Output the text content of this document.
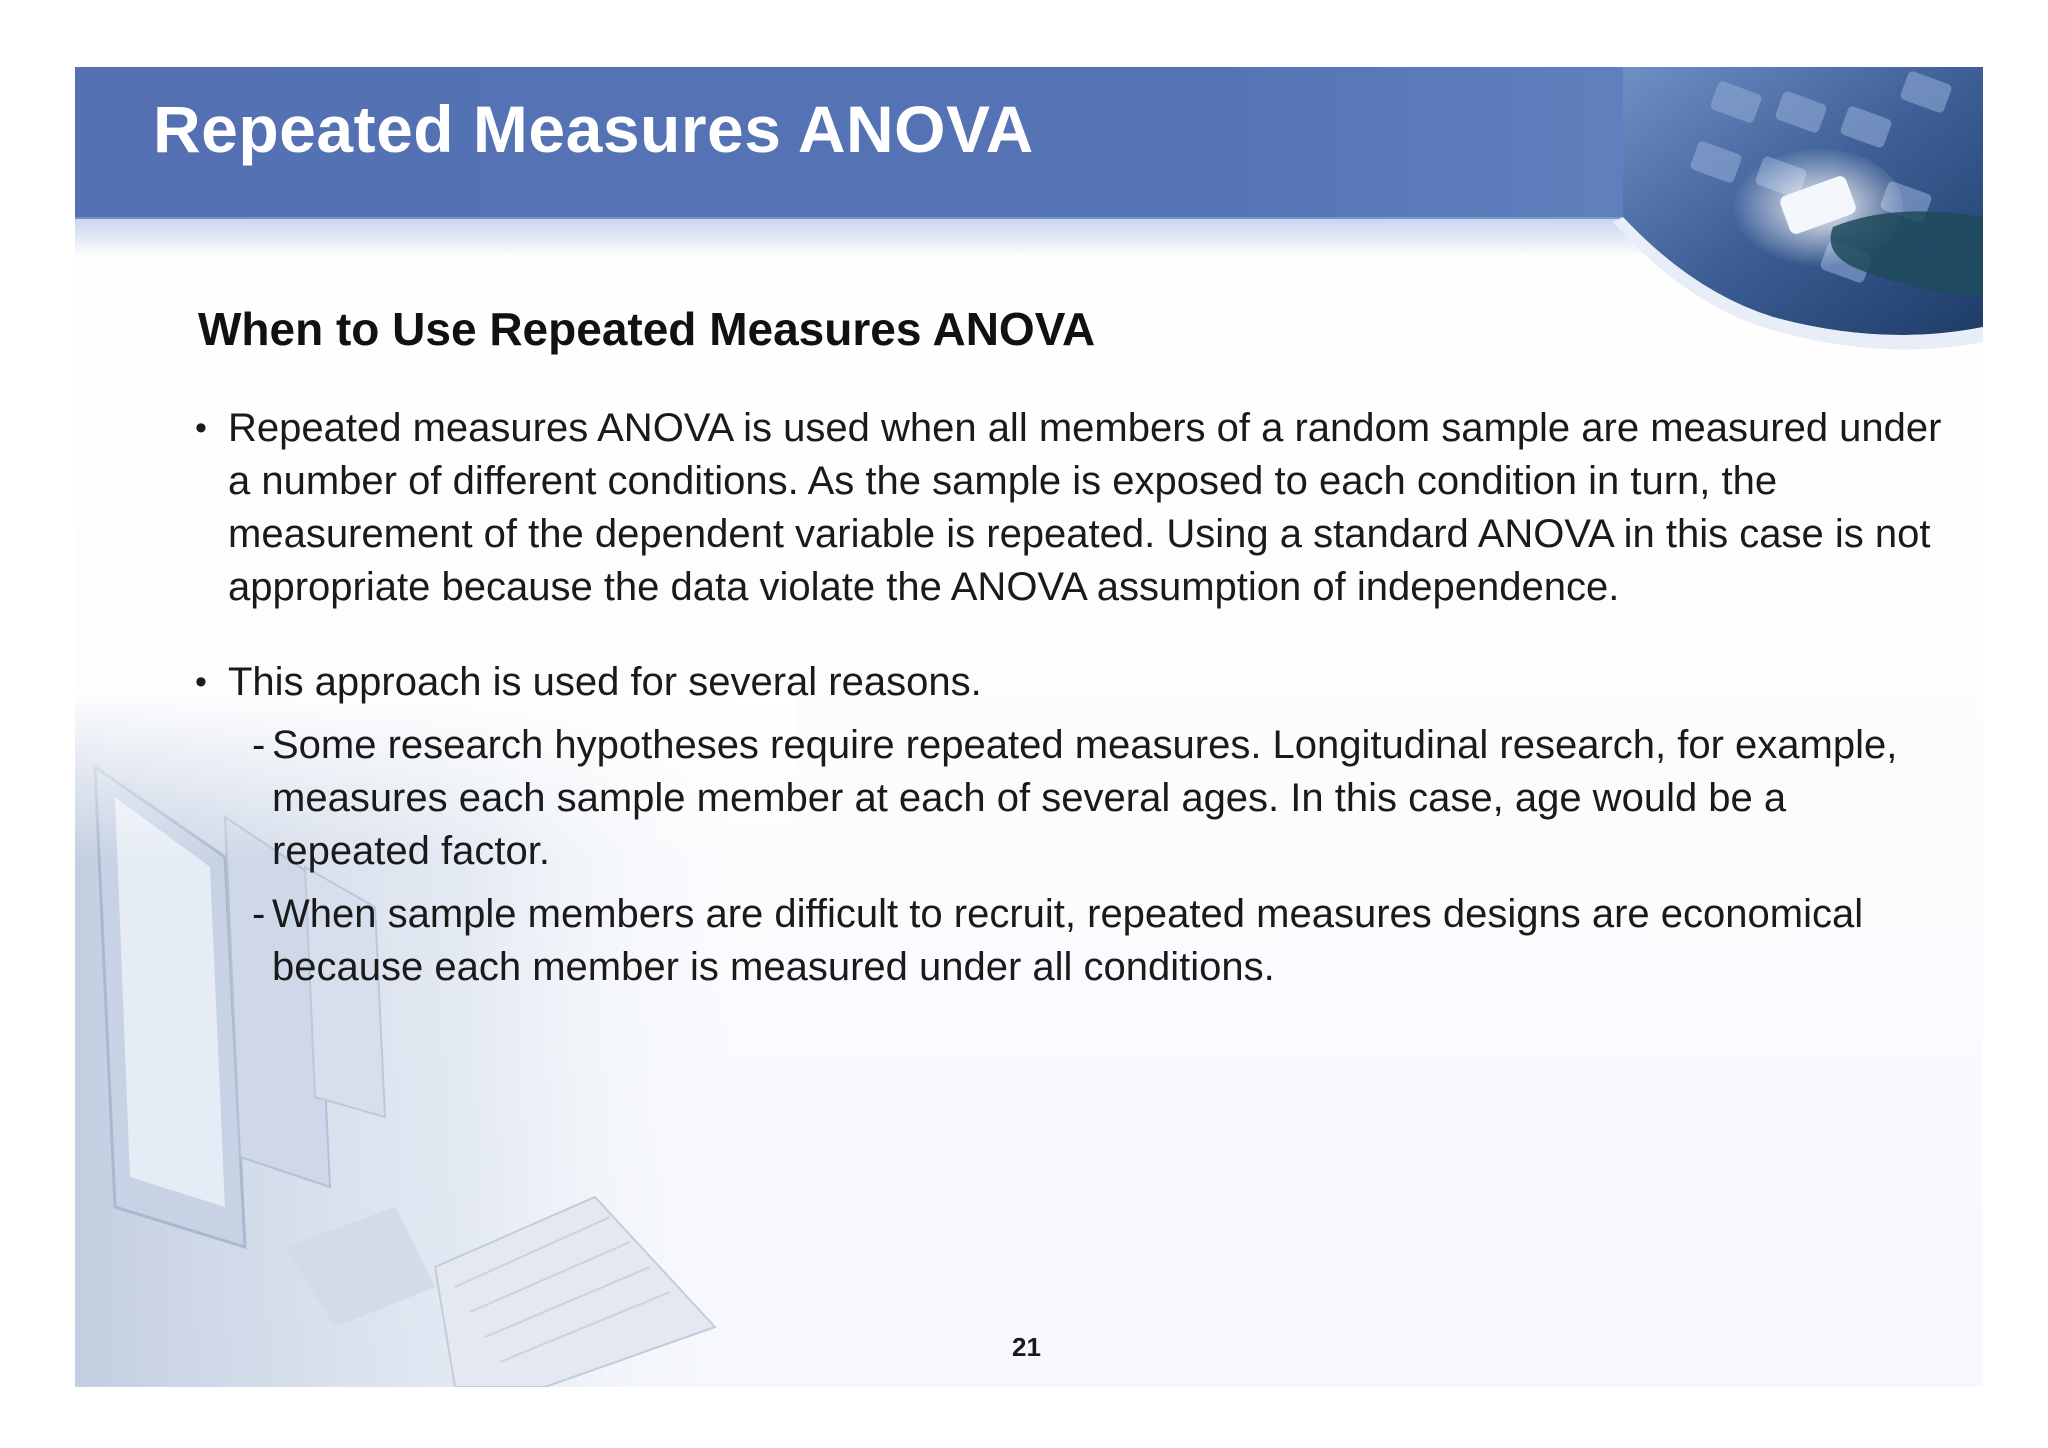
Repeated Measures ANOVA
When to Use Repeated Measures ANOVA

• Repeated measures ANOVA is used when all members of a random sample are measured under a number of different conditions. As the sample is exposed to each condition in turn, the measurement of the dependent variable is repeated. Using a standard ANOVA in this case is not appropriate because the data violate the ANOVA assumption of independence.

• This approach is used for several reasons.
- Some research hypotheses require repeated measures. Longitudinal research, for example, measures each sample member at each of several ages. In this case, age would be a repeated factor.
- When sample members are difficult to recruit, repeated measures designs are economical because each member is measured under all conditions.
21
